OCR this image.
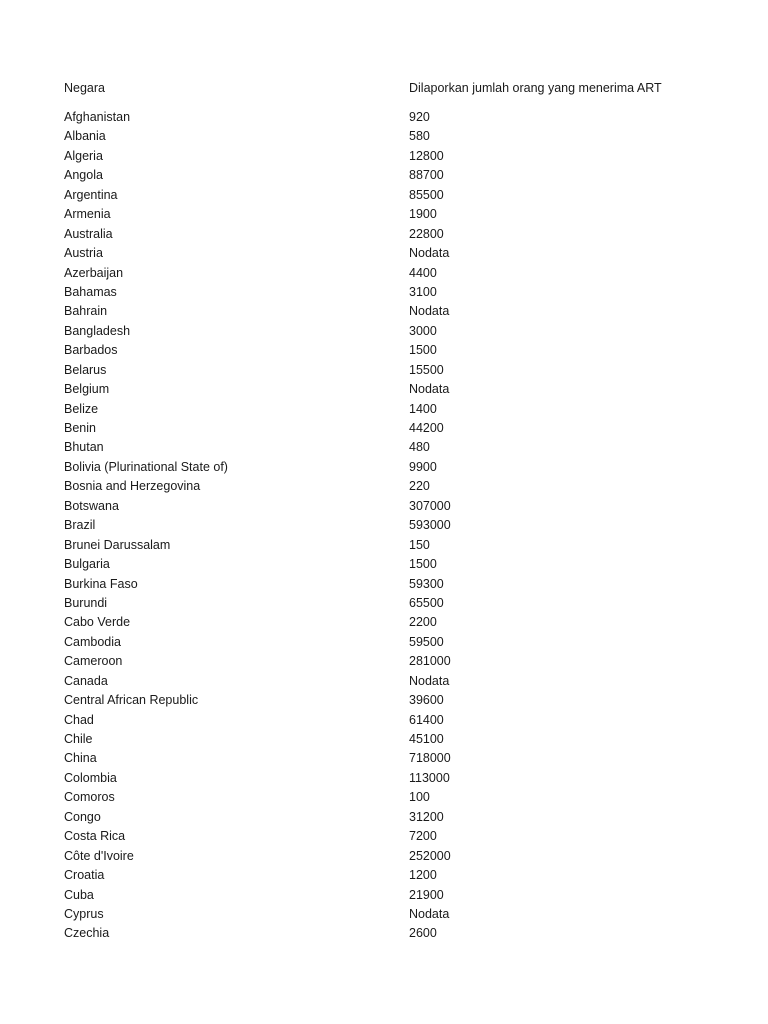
Negara	Dilaporkan jumlah orang yang menerima ART
Afghanistan	920
Albania	580
Algeria	12800
Angola	88700
Argentina	85500
Armenia	1900
Australia	22800
Austria	Nodata
Azerbaijan	4400
Bahamas	3100
Bahrain	Nodata
Bangladesh	3000
Barbados	1500
Belarus	15500
Belgium	Nodata
Belize	1400
Benin	44200
Bhutan	480
Bolivia (Plurinational State of)	9900
Bosnia and Herzegovina	220
Botswana	307000
Brazil	593000
Brunei Darussalam	150
Bulgaria	1500
Burkina Faso	59300
Burundi	65500
Cabo Verde	2200
Cambodia	59500
Cameroon	281000
Canada	Nodata
Central African Republic	39600
Chad	61400
Chile	45100
China	718000
Colombia	113000
Comoros	100
Congo	31200
Costa Rica	7200
Côte d'Ivoire	252000
Croatia	1200
Cuba	21900
Cyprus	Nodata
Czechia	2600
